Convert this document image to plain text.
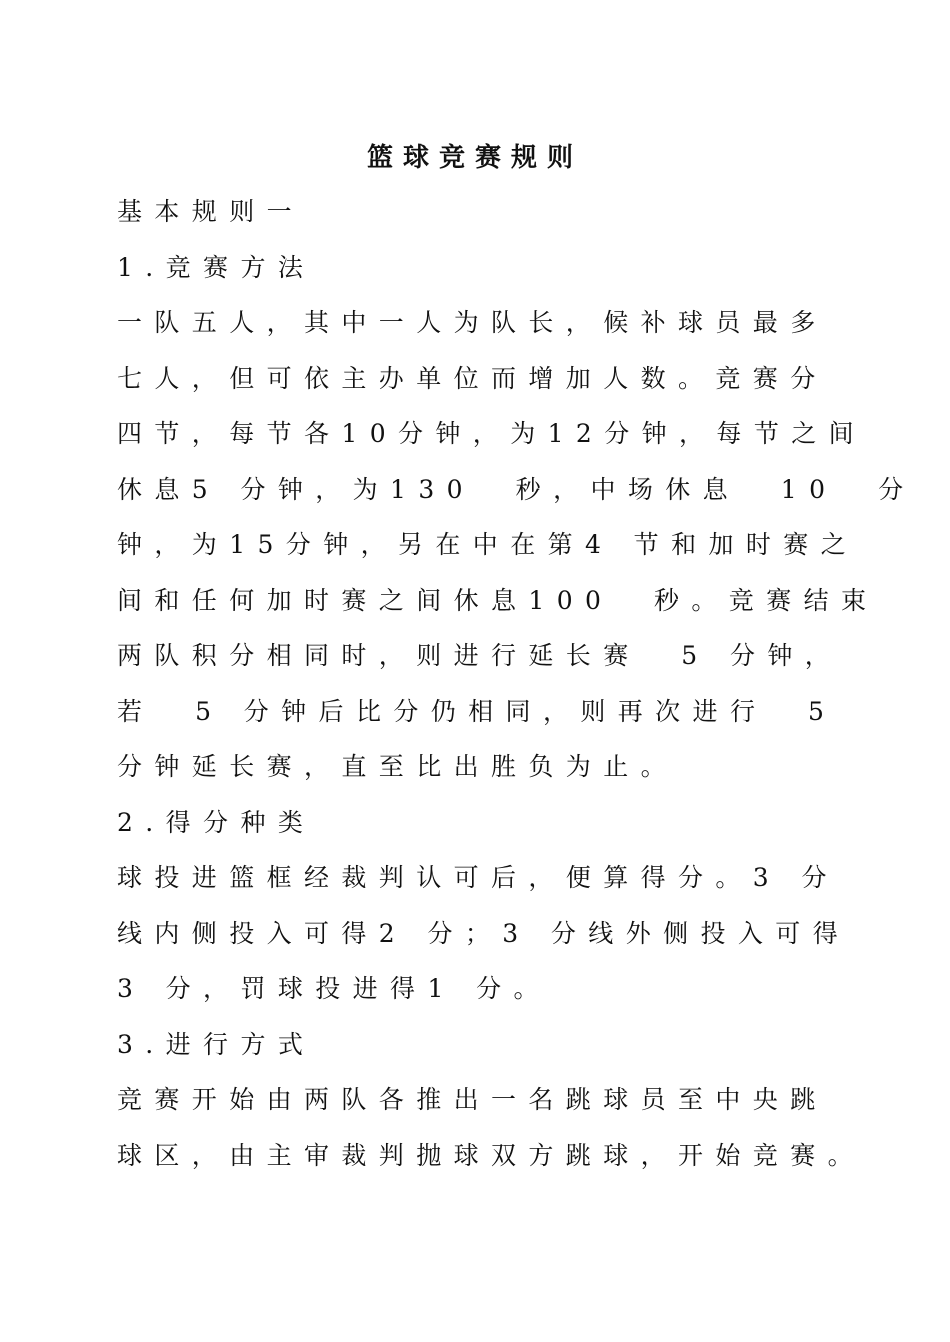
篮球竞赛规则
基本规则一
1.竞赛方法
一队五人，其中一人为队长，候补球员最多
七人，但可依主办单位而增加人数。竞赛分
四节，每节各10分钟，为12分钟，每节之间
休息5 分钟，为130  秒，中场休息  10  分
钟，为15分钟，另在中在第4 节和加时赛之
间和任何加时赛之间休息100  秒。竞赛结束
两队积分相同时，则进行延长赛  5 分钟，
若  5 分钟后比分仍相同，则再次进行  5
分钟延长赛，直至比出胜负为止。
2.得分种类
球投进篮框经裁判认可后，便算得分。3 分
线内侧投入可得2 分；3 分线外侧投入可得
3 分，罚球投进得1 分。
3.进行方式
竞赛开始由两队各推出一名跳球员至中央跳
球区，由主审裁判抛球双方跳球，开始竞赛。
